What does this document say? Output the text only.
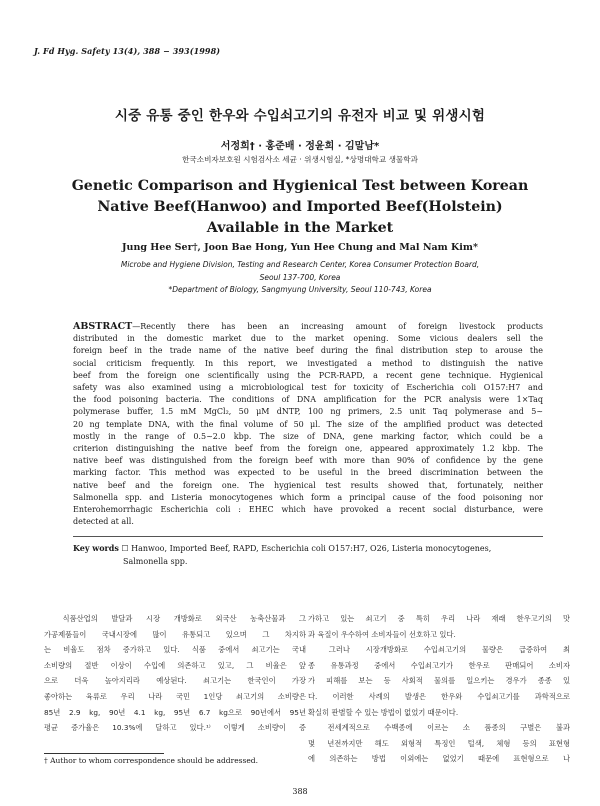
J. Fd Hyg. Safety 13(4), 388 − 393(1998)
시중 유통 중인 한우와 수입쇠고기의 유전자 비교 및 위생시험
서정희† · 홍준배 · 정윤희 · 김말남*
한국소비자보호원 시험검사소 세균 · 위생시험실, *상명대학교 생물학과
Genetic Comparison and Hygienical Test between Korean
Native Beef(Hanwoo) and Imported Beef(Holstein)
Available in the Market
Jung Hee Ser†, Joon Bae Hong, Yun Hee Chung and Mal Nam Kim*
Microbe and Hygiene Division, Testing and Research Center, Korea Consumer Protection Board,
Seoul 137-700, Korea
*Department of Biology, Sangmyung University, Seoul 110-743, Korea
ABSTRACT—Recently there has been an increasing amount of foreign livestock products
distributed in the domestic market due to the market opening. Some vicious dealers sell the
foreign beef in the trade name of the native beef during the final distribution step to arouse the
social criticism frequently. In this report, we investigated a method to distinguish the native
beef from the foreign one scientifically using the PCR-RAPD, a recent gene technique. Hygienical
safety was also examined using a microbiological test for toxicity of Escherichia coli O157:H7 and
the food poisoning bacteria. The conditions of DNA amplification for the PCR analysis were 1×Taq
polymerase buffer, 1.5 mM MgCl₂, 50 μM dNTP, 100 ng primers, 2.5 unit Taq polymerase and 5~
20 ng template DNA, with the final volume of 50 μl. The size of the amplified product was detected
mostly in the range of 0.5~2.0 kbp. The size of DNA, gene marking factor, which could be a
criterion distinguishing the native beef from the foreign one, appeared approximately 1.2 kbp. The
native beef was distinguished from the foreign beef with more than 90% of confidence by the gene
marking factor. This method was expected to be useful in the breed discrimination between the
native beef and the foreign one. The hygienical test results showed that, fortunately, neither
Salmonella spp. and Listeria monocytogenes which form a principal cause of the food poisoning nor
Enterohemorrhagic Escherichia coli : EHEC which have provoked a recent social disturbance, were
detected at all.
Key words ☐ Hanwoo, Imported Beef, RAPD, Escherichia coli O157:H7, O26, Listeria monocytogenes,
Salmonella spp.
　식품산업의 발달과 시장 개방화로 외국산 농축산물과 그
가공제품들이 국내시장에 많이 유통되고 있으며 그 차지하
는 비율도 점차 증가하고 있다. 식품 중에서 쇠고기는 국내
소비량의 절반 이상이 수입에 의존하고 있고, 그 비율은 앞
으로 더욱 높아지리라 예상된다. 쇠고기는 한국인이 가장
좋아하는 육류로 우리 나라 국민 1인당 쇠고기의 소비량은
85년 2.9 kg, 90년 4.1 kg, 95년 6.7 kg으로 90년에서 95년
평균 증가율은 10.3%에 달하고 있다.¹⁾ 이렇게 소비량이 증
가하고 있는 쇠고기 중 특히 우리 나라 재래 한우고기의 맛
과 육질이 우수하여 소비자들이 선호하고 있다.
　그러나 시장개방화로 수입쇠고기의 물량은 급증하여 최
종 유통과정 중에서 수입쇠고기가 한우로 판매되어 소비자
가 피해를 보는 등 사회적 물의를 일으키는 경우가 종종 있
다. 이러한 사례의 발생은 한우와 수입쇠고기를 과학적으로
확실히 판별할 수 있는 방법이 없었기 때문이다.
　전세계적으로 수백종에 이르는 소 품종의 구별은 불과
몇 년전까지만 해도 외형적 특징인 털색, 체형 등의 표현형
에 의존하는 방법 이외에는 없었기 때문에 표현형으로 나
† Author to whom correspondence should be addressed.
388
